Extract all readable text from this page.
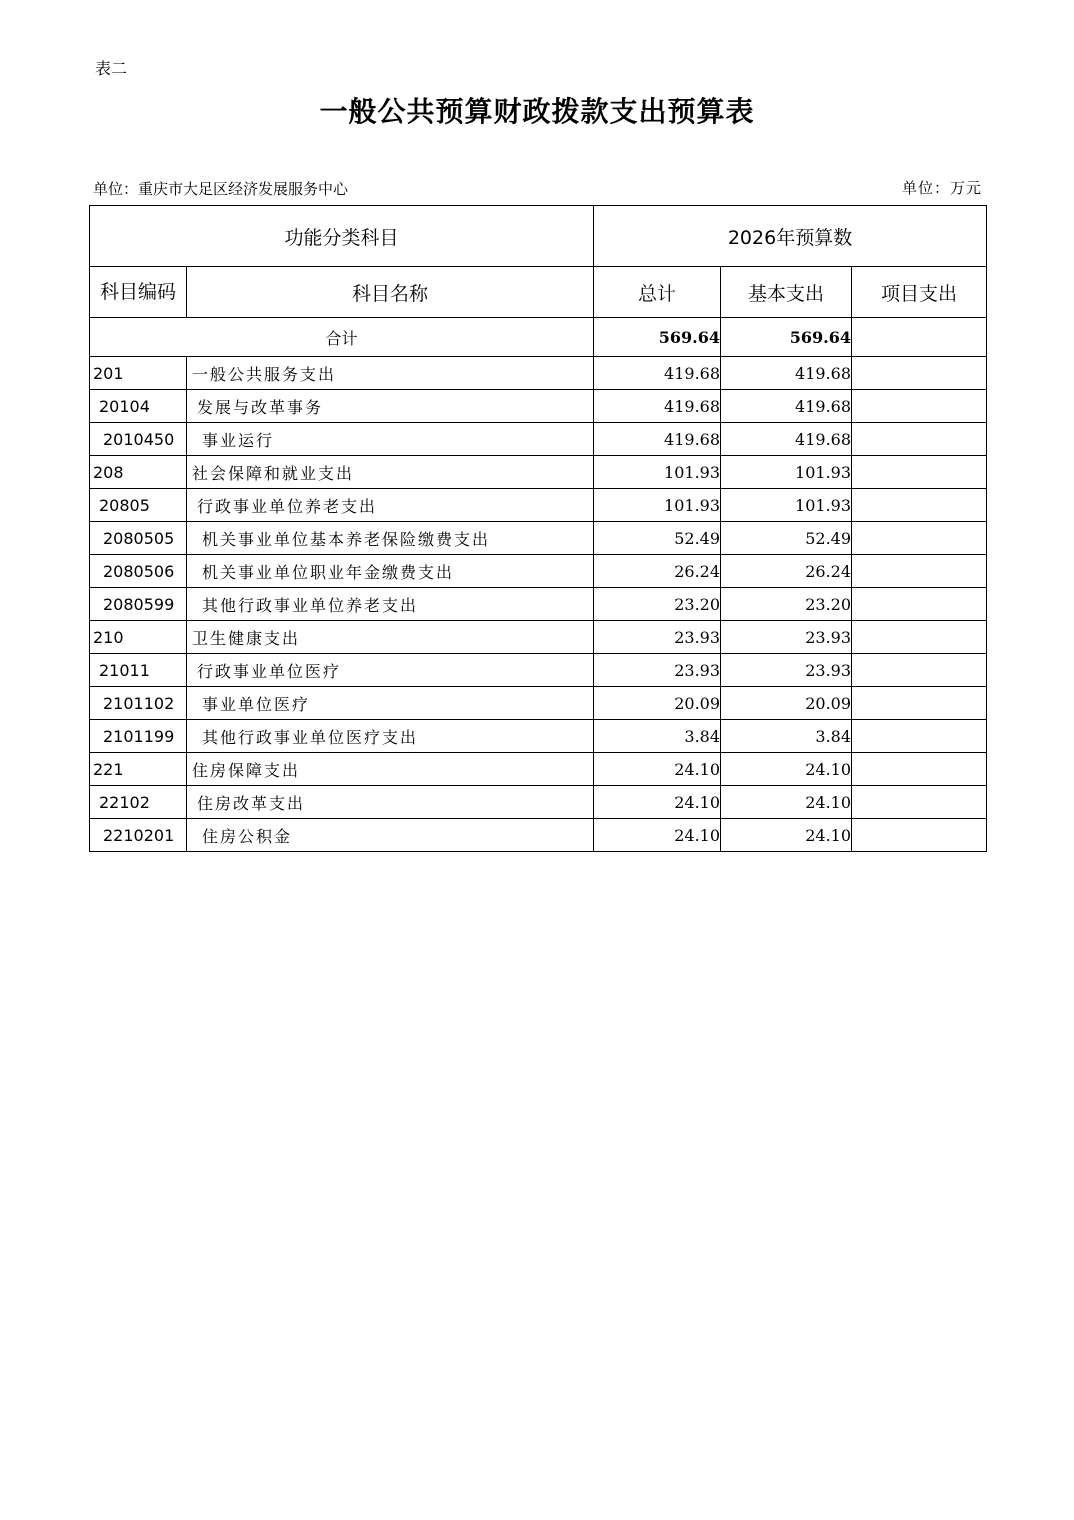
表二
一般公共预算财政拨款支出预算表
单位：重庆市大足区经济发展服务中心	单位：万元
功能分类科目		2026年预算数		
科目编码	科目名称	总计	基本支出	项目支出
合计		569.64	569.64	
201	一般公共服务支出	419.68	419.68	
20104	发展与改革事务	419.68	419.68	
2010450	事业运行	419.68	419.68	
208	社会保障和就业支出	101.93	101.93	
20805	行政事业单位养老支出	101.93	101.93	
2080505	机关事业单位基本养老保险缴费支出	52.49	52.49	
2080506	机关事业单位职业年金缴费支出	26.24	26.24	
2080599	其他行政事业单位养老支出	23.20	23.20	
210	卫生健康支出	23.93	23.93	
21011	行政事业单位医疗	23.93	23.93	
2101102	事业单位医疗	20.09	20.09	
2101199	其他行政事业单位医疗支出	3.84	3.84	
221	住房保障支出	24.10	24.10	
22102	住房改革支出	24.10	24.10	
2210201	住房公积金	24.10	24.10	
